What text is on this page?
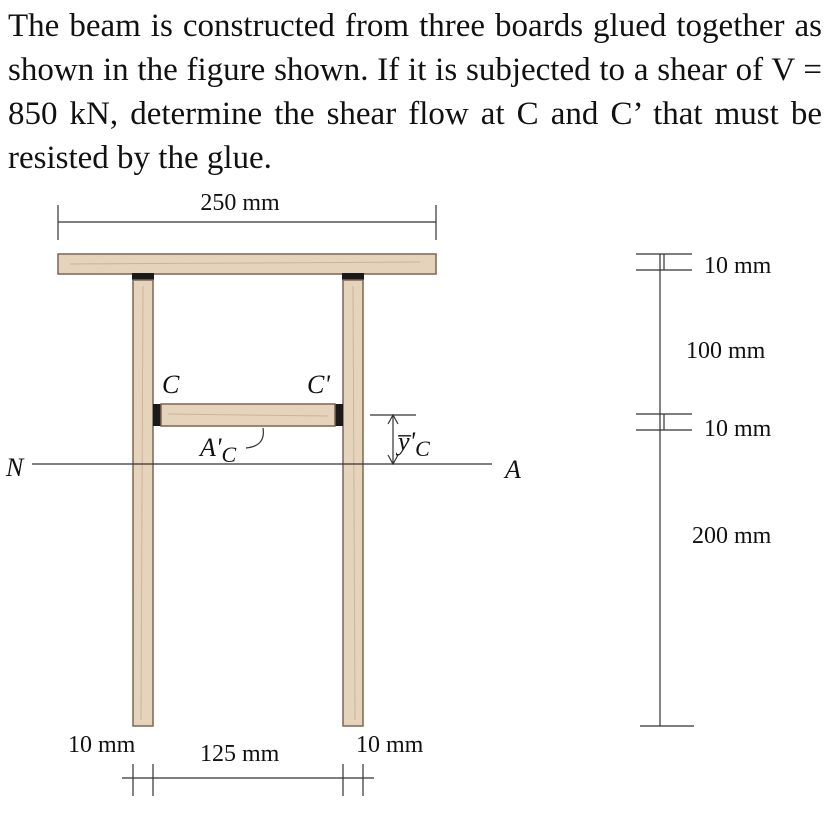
The beam is constructed from three boards glued together as shown in the figure shown. If it is subjected to a shear of V = 850 kN, determine the shear flow at C and C’ that must be resisted by the glue.

250 mm
C	C'
$A'_C$	$y̅'_C$
N	A
10 mm
100 mm
10 mm
200 mm
10 mm	125 mm	10 mm
